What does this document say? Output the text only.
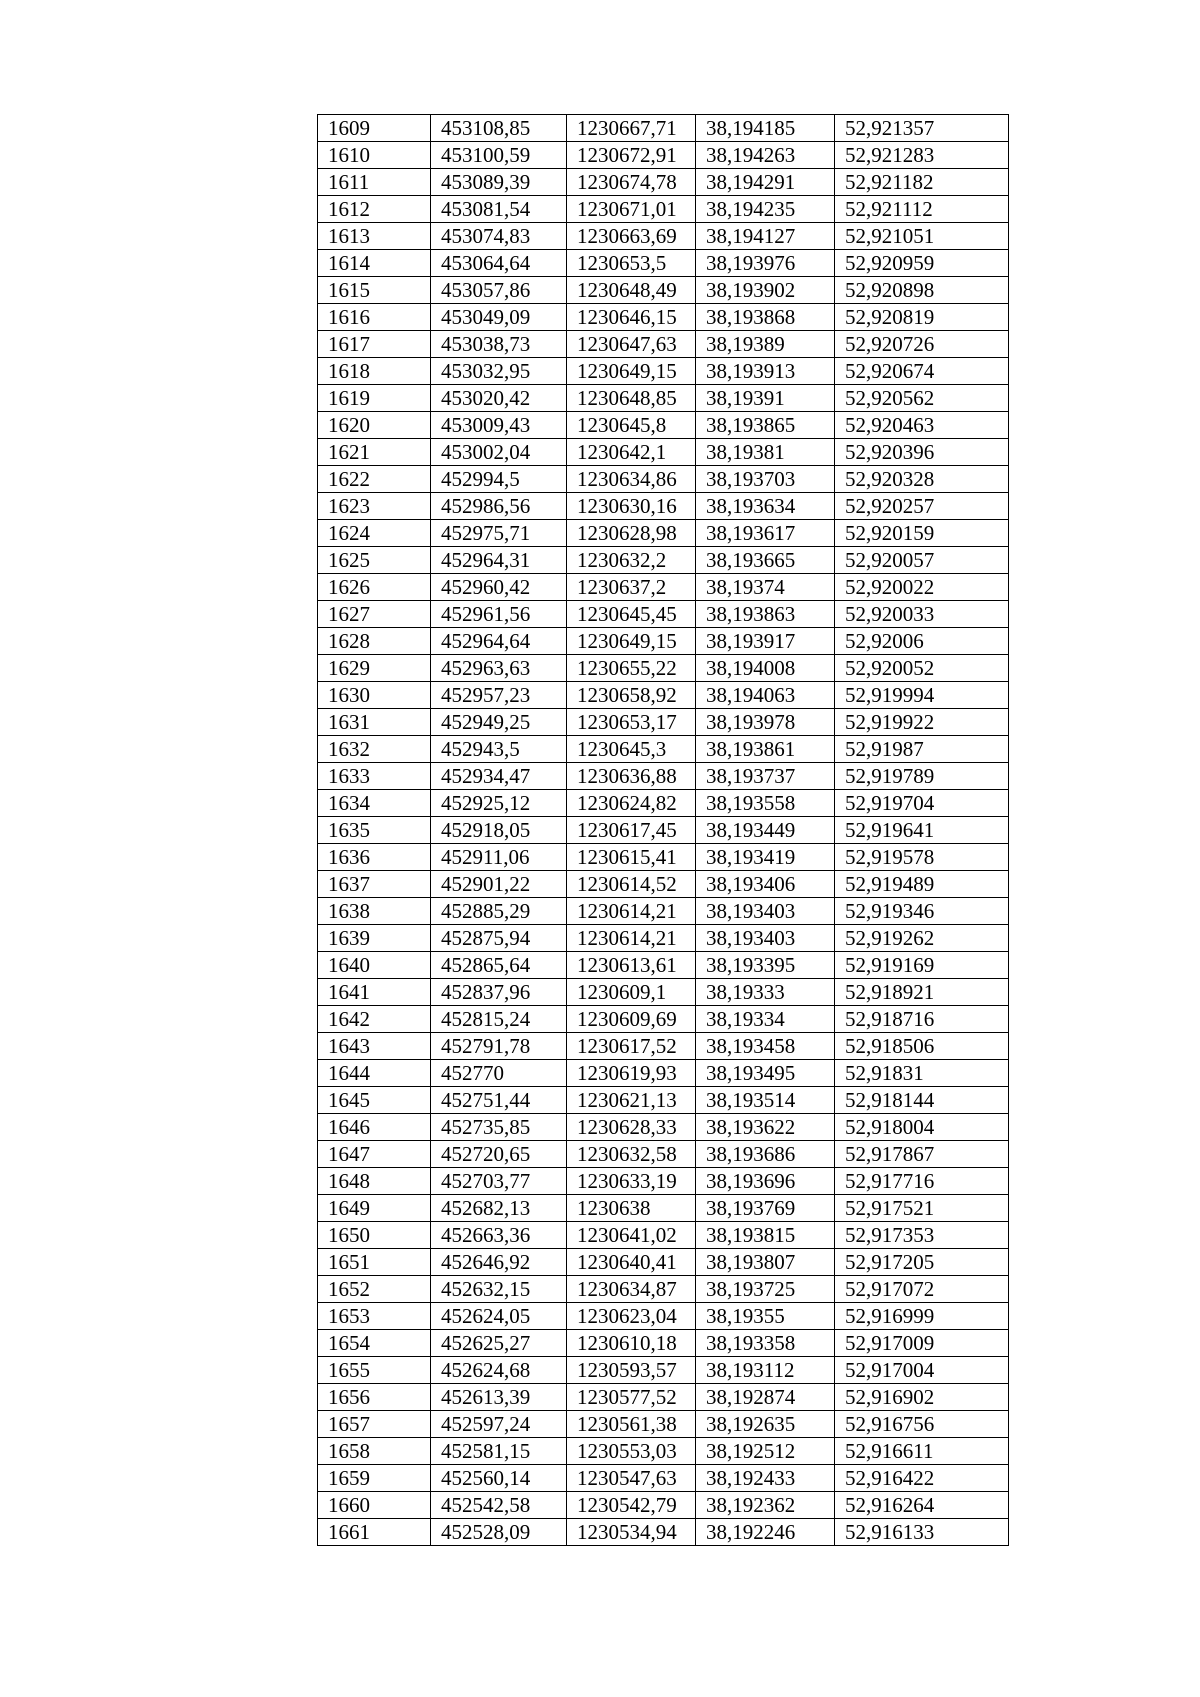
1609	453108,85	1230667,71	38,194185	52,921357
1610	453100,59	1230672,91	38,194263	52,921283
1611	453089,39	1230674,78	38,194291	52,921182
1612	453081,54	1230671,01	38,194235	52,921112
1613	453074,83	1230663,69	38,194127	52,921051
1614	453064,64	1230653,5	38,193976	52,920959
1615	453057,86	1230648,49	38,193902	52,920898
1616	453049,09	1230646,15	38,193868	52,920819
1617	453038,73	1230647,63	38,19389	52,920726
1618	453032,95	1230649,15	38,193913	52,920674
1619	453020,42	1230648,85	38,19391	52,920562
1620	453009,43	1230645,8	38,193865	52,920463
1621	453002,04	1230642,1	38,19381	52,920396
1622	452994,5	1230634,86	38,193703	52,920328
1623	452986,56	1230630,16	38,193634	52,920257
1624	452975,71	1230628,98	38,193617	52,920159
1625	452964,31	1230632,2	38,193665	52,920057
1626	452960,42	1230637,2	38,19374	52,920022
1627	452961,56	1230645,45	38,193863	52,920033
1628	452964,64	1230649,15	38,193917	52,92006
1629	452963,63	1230655,22	38,194008	52,920052
1630	452957,23	1230658,92	38,194063	52,919994
1631	452949,25	1230653,17	38,193978	52,919922
1632	452943,5	1230645,3	38,193861	52,91987
1633	452934,47	1230636,88	38,193737	52,919789
1634	452925,12	1230624,82	38,193558	52,919704
1635	452918,05	1230617,45	38,193449	52,919641
1636	452911,06	1230615,41	38,193419	52,919578
1637	452901,22	1230614,52	38,193406	52,919489
1638	452885,29	1230614,21	38,193403	52,919346
1639	452875,94	1230614,21	38,193403	52,919262
1640	452865,64	1230613,61	38,193395	52,919169
1641	452837,96	1230609,1	38,19333	52,918921
1642	452815,24	1230609,69	38,19334	52,918716
1643	452791,78	1230617,52	38,193458	52,918506
1644	452770	1230619,93	38,193495	52,91831
1645	452751,44	1230621,13	38,193514	52,918144
1646	452735,85	1230628,33	38,193622	52,918004
1647	452720,65	1230632,58	38,193686	52,917867
1648	452703,77	1230633,19	38,193696	52,917716
1649	452682,13	1230638	38,193769	52,917521
1650	452663,36	1230641,02	38,193815	52,917353
1651	452646,92	1230640,41	38,193807	52,917205
1652	452632,15	1230634,87	38,193725	52,917072
1653	452624,05	1230623,04	38,19355	52,916999
1654	452625,27	1230610,18	38,193358	52,917009
1655	452624,68	1230593,57	38,193112	52,917004
1656	452613,39	1230577,52	38,192874	52,916902
1657	452597,24	1230561,38	38,192635	52,916756
1658	452581,15	1230553,03	38,192512	52,916611
1659	452560,14	1230547,63	38,192433	52,916422
1660	452542,58	1230542,79	38,192362	52,916264
1661	452528,09	1230534,94	38,192246	52,916133
